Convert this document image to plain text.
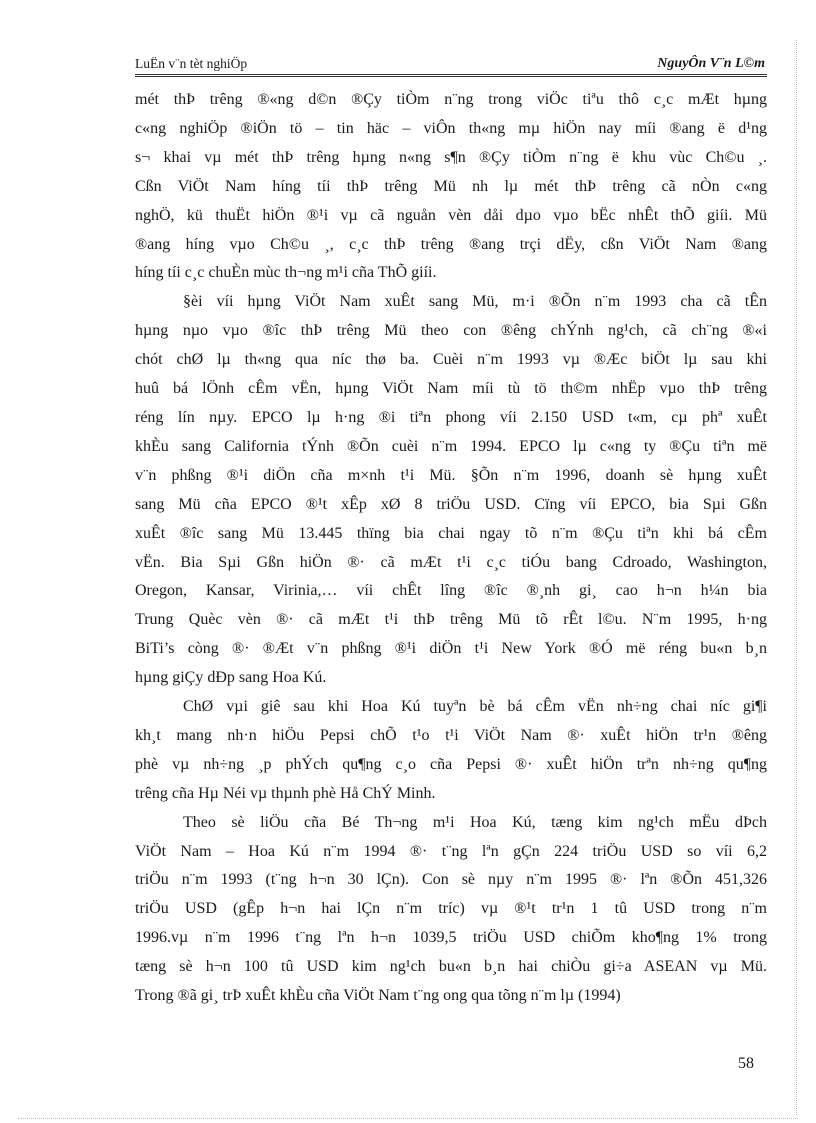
LuËn v¨n tèt nghiÖp	NguyÔn V¨n L©m
mét thÞ trêng ®«ng d©n ®Çy tiÒm n¨ng trong viÖc tiªu thô c¸c mÆt hµng
c«ng nghiÖp ®iÖn tö – tin häc – viÔn th«ng mµ hiÖn nay míi ®ang ë d¹ng
s¬ khai vµ mét thÞ trêng hµng n«ng s¶n ®Çy tiÒm n¨ng ë khu vùc Ch©u ¸.
Cßn ViÖt Nam híng tíi thÞ trêng Mü nh lµ mét thÞ trêng cã nÒn c«ng
nghÖ, kü thuËt hiÖn ®¹i vµ cã nguån vèn dåi dµo vµo bËc nhÊt thÕ giíi. Mü
®ang híng vµo Ch©u ¸, c¸c thÞ trêng ®ang trçi dËy, cßn ViÖt Nam ®ang
híng tíi c¸c chuÈn mùc th¬ng m¹i cña ThÕ giíi.
§èi víi hµng ViÖt Nam xuÊt sang Mü, m·i ®Õn n¨m 1993 cha cã tÊn
hµng nµo vµo ®îc thÞ trêng Mü theo con ®êng chÝnh ng¹ch, cã ch¨ng ®«i
chót chØ lµ th«ng qua níc thø ba. Cuèi n¨m 1993 vµ ®Æc biÖt lµ sau khi
huû bá lÖnh cÊm vËn, hµng ViÖt Nam míi tù tö th©m nhËp vµo thÞ trêng
réng lín nµy. EPCO lµ h·ng ®i tiªn phong víi 2.150 USD t«m, cµ phª xuÊt
khÈu sang California tÝnh ®Õn cuèi n¨m 1994. EPCO lµ c«ng ty ®Çu tiªn më
v¨n phßng ®¹i diÖn cña m×nh t¹i Mü. §Õn n¨m 1996, doanh sè hµng xuÊt
sang Mü cña EPCO ®¹t xÊp xØ 8 triÖu USD. Cïng víi EPCO, bia Sµi Gßn
xuÊt ®îc sang Mü 13.445 thïng bia chai ngay tõ n¨m ®Çu tiªn khi bá cÊm
vËn. Bia Sµi Gßn hiÖn ®· cã mÆt t¹i c¸c tiÓu bang Cdroado, Washington,
Oregon, Kansar, Virinia,… víi chÊt lîng ®îc ®¸nh gi¸ cao h¬n h¼n bia
Trung Quèc vèn ®· cã mÆt t¹i thÞ trêng Mü tõ rÊt l©u. N¨m 1995, h·ng
BiTi’s còng ®· ®Æt v¨n phßng ®¹i diÖn t¹i New York ®Ó më réng bu«n b¸n
hµng giÇy dÐp sang Hoa Kú.
ChØ vµi giê sau khi Hoa Kú tuyªn bè bá cÊm vËn nh÷ng chai níc gi¶i
kh¸t mang nh·n hiÖu Pepsi chÕ t¹o t¹i ViÖt Nam ®· xuÊt hiÖn tr¹n ®êng
phè vµ nh÷ng ¸p phÝch qu¶ng c¸o cña Pepsi ®· xuÊt hiÖn trªn nh÷ng qu¶ng
trêng cña Hµ Néi vµ thµnh phè Hå ChÝ Minh.
Theo sè liÖu cña Bé Th¬ng m¹i Hoa Kú, tæng kim ng¹ch mËu dÞch
ViÖt Nam – Hoa Kú n¨m 1994 ®· t¨ng lªn gÇn 224 triÖu USD so víi 6,2
triÖu n¨m 1993 (t¨ng h¬n 30 lÇn). Con sè nµy n¨m 1995 ®· lªn ®Õn 451,326
triÖu USD (gÊp h¬n hai lÇn n¨m tríc) vµ ®¹t tr¹n 1 tû USD trong n¨m
1996.vµ n¨m 1996 t¨ng lªn h¬n 1039,5 triÖu USD chiÕm kho¶ng 1% trong
tæng sè h¬n 100 tû USD kim ng¹ch bu«n b¸n hai chiÒu gi÷a ASEAN vµ Mü.
Trong ®ã gi¸ trÞ xuÊt khÈu cña ViÖt Nam t¨ng ong qua tõng n¨m lµ (1994)
58
